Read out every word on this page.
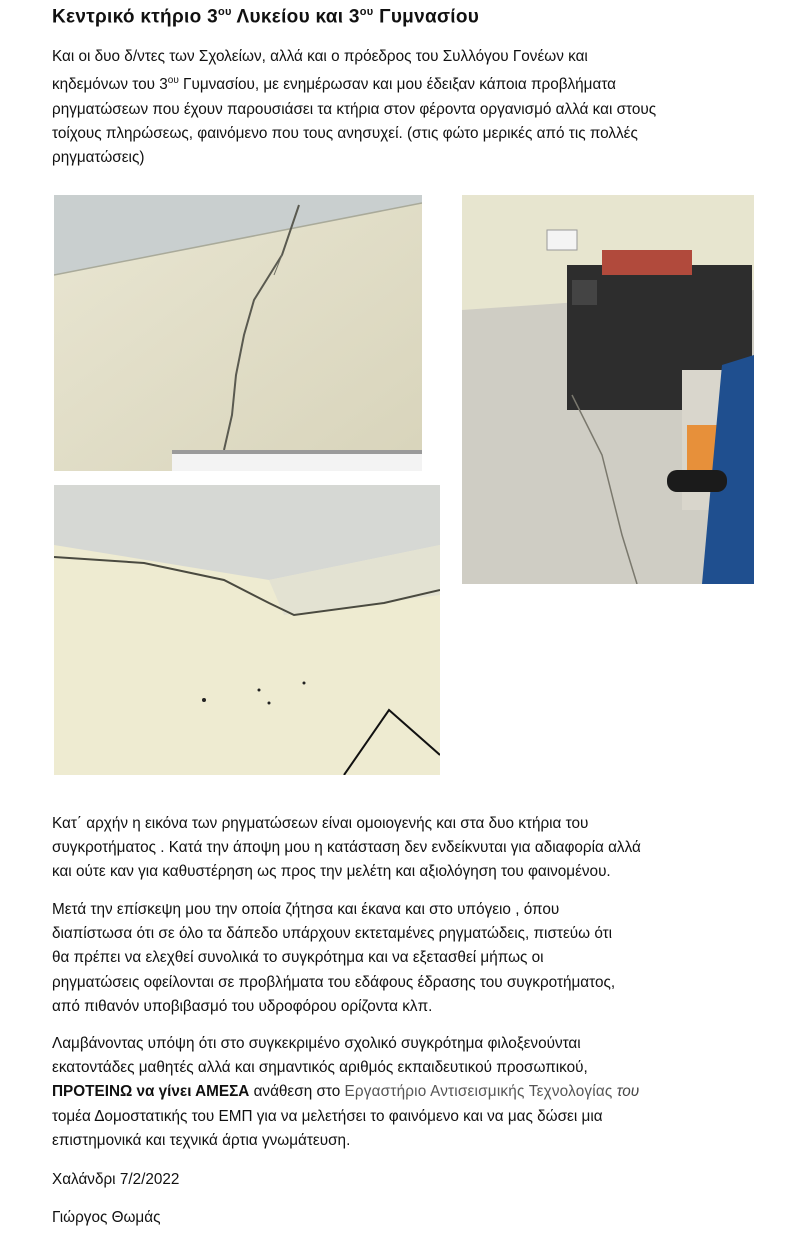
Κεντρικό κτήριο $3^{o\upsilon}$ Λυκείου και $3^{o\upsilon}$ Γυμνασίου
Και οι δυο δ/ντες των Σχολείων, αλλά και ο πρόεδρος του Συλλόγου Γονέων και
κηδεμόνων του $3^{o\upsilon}$ Γυμνασίου, με ενημέρωσαν και μου έδειξαν κάποια προβλήματα
ρηγματώσεων που έχουν παρουσιάσει τα κτήρια στον φέροντα οργανισμό αλλά και στους
τοίχους πληρώσεως, φαινόμενο που τους ανησυχεί. (στις φώτο μερικές από τις πολλές
ρηγματώσεις)
Κατ΄ αρχήν η εικόνα των ρηγματώσεων είναι ομοιογενής και στα δυο κτήρια του
συγκροτήματος . Κατά την άποψη μου η κατάσταση δεν ενδείκνυται για αδιαφορία αλλά
και ούτε καν για καθυστέρηση ως προς την μελέτη και αξιολόγηση του φαινομένου.
Μετά την επίσκεψη μου την οποία ζήτησα και έκανα και στο υπόγειο , όπου
διαπίστωσα ότι σε όλο τα δάπεδο υπάρχουν εκτεταμένες ρηγματώδεις, πιστεύω ότι
θα πρέπει να ελεχθεί συνολικά το συγκρότημα και να εξετασθεί μήπως οι
ρηγματώσεις οφείλονται σε προβλήματα του εδάφους έδρασης του συγκροτήματος,
από πιθανόν υποβιβασμό του υδροφόρου ορίζοντα κλπ.
Λαμβάνοντας υπόψη ότι στο συγκεκριμένο σχολικό συγκρότημα φιλοξενούνται
εκατοντάδες μαθητές αλλά και σημαντικός αριθμός εκπαιδευτικού προσωπικού,
ΠΡΟΤΕΙΝΩ να γίνει ΑΜΕΣΑ ανάθεση στο Εργαστήριο Αντισεισμικής Τεχνολογίας του
τομέα Δομοστατικής του ΕΜΠ για να μελετήσει το φαινόμενο και να μας δώσει μια
επιστημονικά και τεχνικά άρτια γνωμάτευση.
Χαλάνδρι 7/2/2022
Γιώργος Θωμάς
